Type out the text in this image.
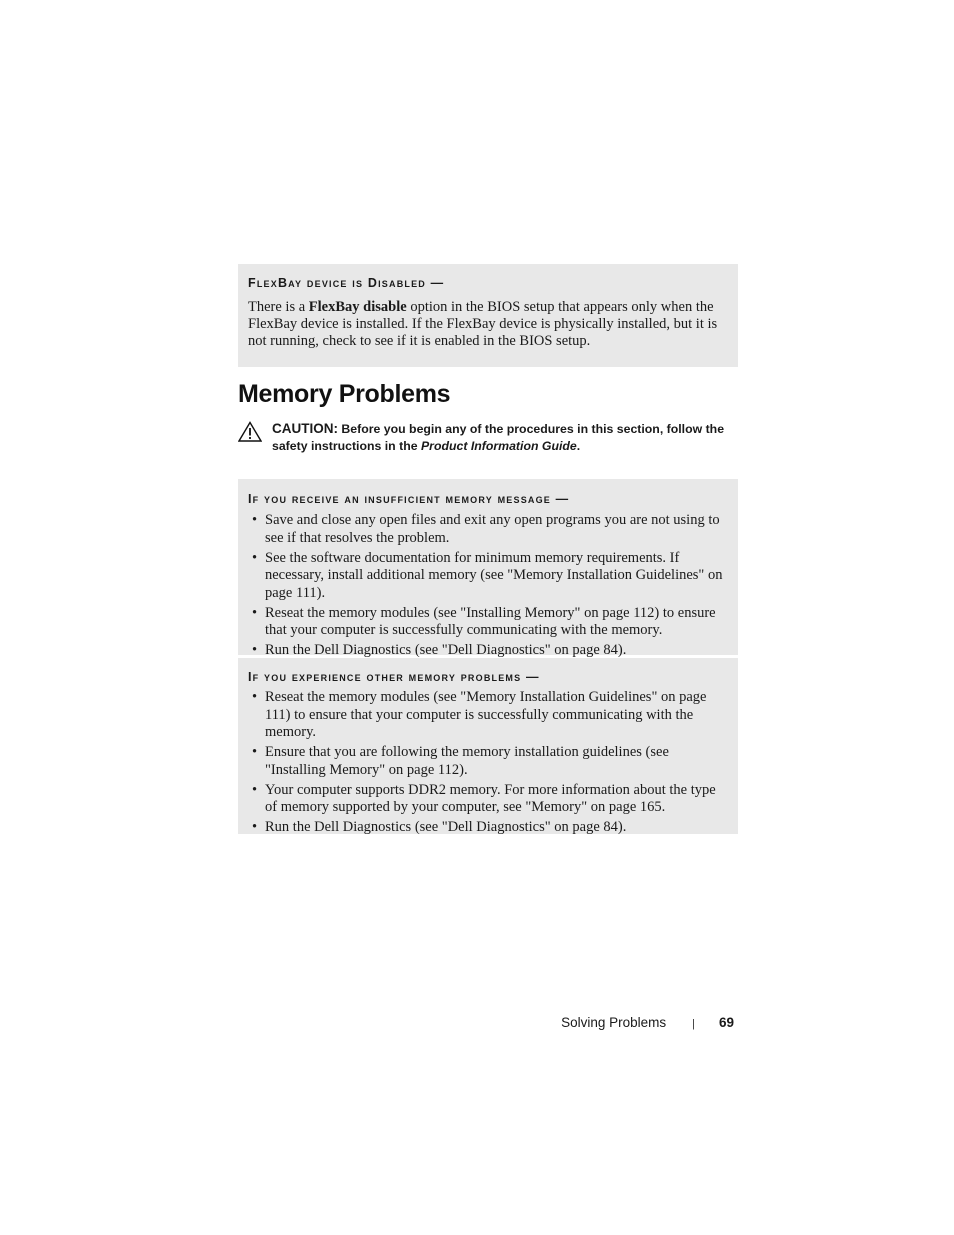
FlexBay device is Disabled —

There is a FlexBay disable option in the BIOS setup that appears only when the FlexBay device is installed. If the FlexBay device is physically installed, but it is not running, check to see if it is enabled in the BIOS setup.

Memory Problems
CAUTION: Before you begin any of the procedures in this section, follow the safety instructions in the Product Information Guide.

If you receive an insufficient memory message —

• Save and close any open files and exit any open programs you are not using to see if that resolves the problem.
• See the software documentation for minimum memory requirements. If necessary, install additional memory (see "Memory Installation Guidelines" on page 111).
• Reseat the memory modules (see "Installing Memory" on page 112) to ensure that your computer is successfully communicating with the memory.
• Run the Dell Diagnostics (see "Dell Diagnostics" on page 84).

If you experience other memory problems —

• Reseat the memory modules (see "Memory Installation Guidelines" on page 111) to ensure that your computer is successfully communicating with the memory.
• Ensure that you are following the memory installation guidelines (see "Installing Memory" on page 112).
• Your computer supports DDR2 memory. For more information about the type of memory supported by your computer, see "Memory" on page 165.
• Run the Dell Diagnostics (see "Dell Diagnostics" on page 84).
Solving Problems | 69
